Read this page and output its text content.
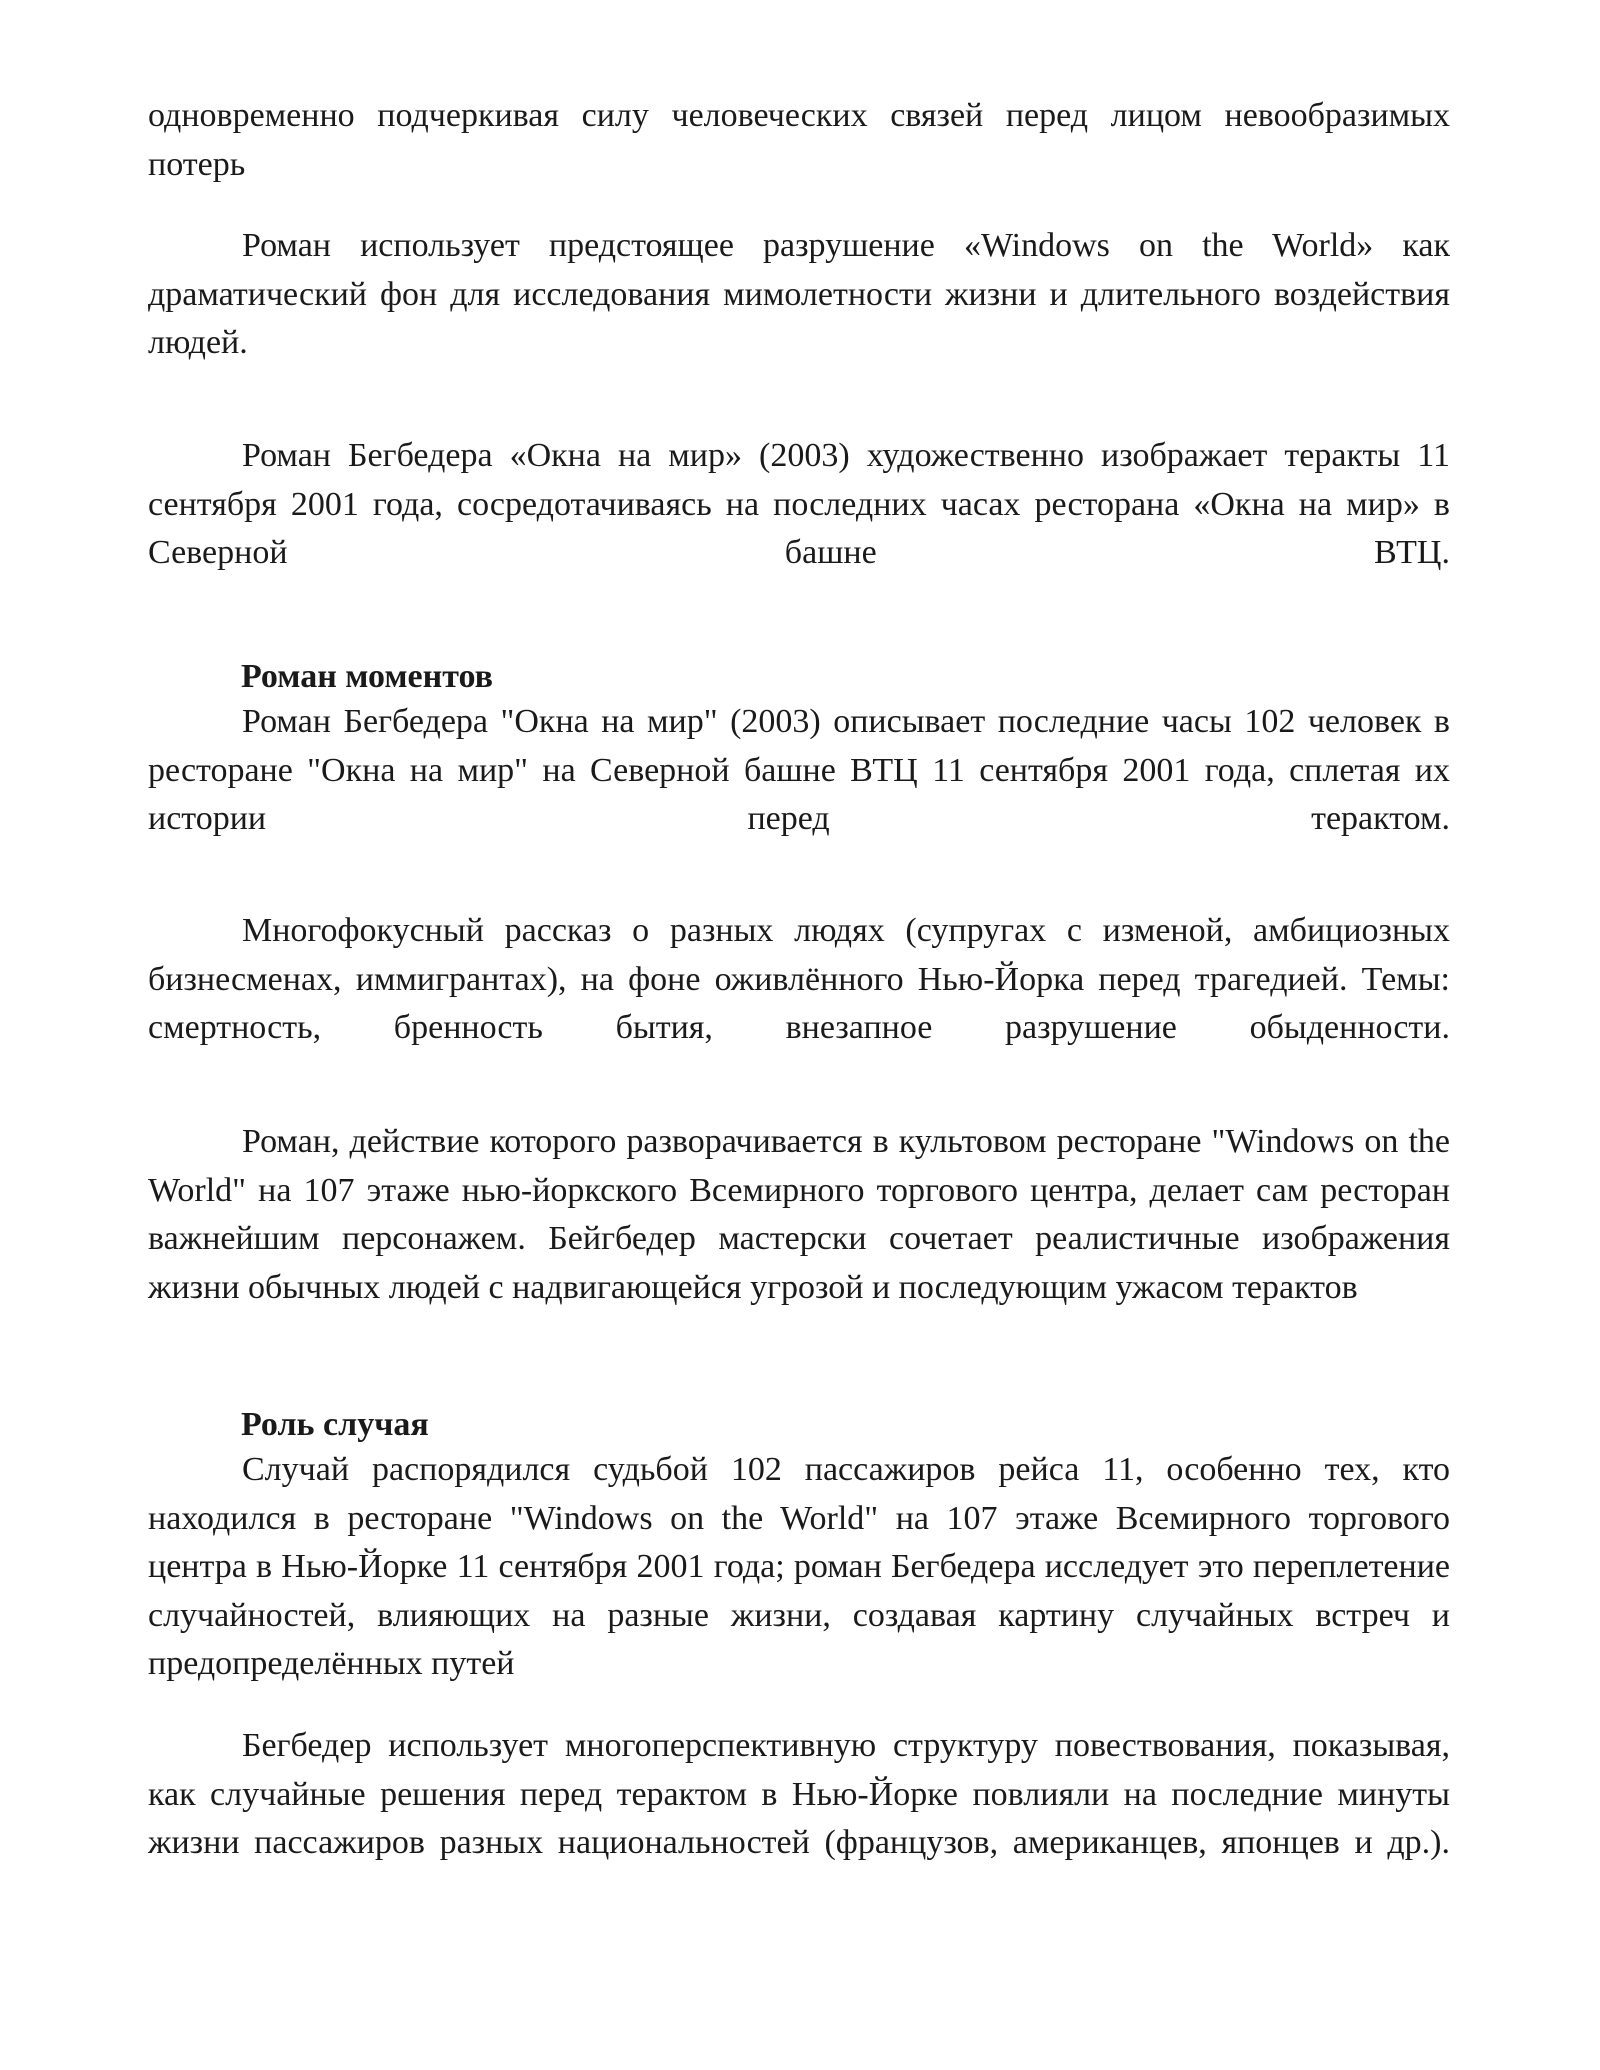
одновременно подчеркивая силу человеческих связей перед лицом невообразимых потерь

Роман использует предстоящее разрушение «Windows on the World» как драматический фон для исследования мимолетности жизни и длительного воздействия людей.

Роман Бегбедера «Окна на мир» (2003) художественно изображает теракты 11 сентября 2001 года, сосредотачиваясь на последних часах ресторана «Окна на мир» в Северной башне ВТЦ.

Роман моментов

Роман Бегбедера "Окна на мир" (2003) описывает последние часы 102 человек в ресторане "Окна на мир" на Северной башне ВТЦ 11 сентября 2001 года, сплетая их истории перед терактом.

Многофокусный рассказ о разных людях (супругах с изменой, амбициозных бизнесменах, иммигрантах), на фоне оживлённого Нью-Йорка перед трагедией. Темы: смертность, бренность бытия, внезапное разрушение обыденности.

Роман, действие которого разворачивается в культовом ресторане "Windows on the World" на 107 этаже нью-йоркского Всемирного торгового центра, делает сам ресторан важнейшим персонажем. Бейгбедер мастерски сочетает реалистичные изображения жизни обычных людей с надвигающейся угрозой и последующим ужасом терактов

Роль случая

Случай распорядился судьбой 102 пассажиров рейса 11, особенно тех, кто находился в ресторане "Windows on the World" на 107 этаже Всемирного торгового центра в Нью-Йорке 11 сентября 2001 года; роман Бегбедера исследует это переплетение случайностей, влияющих на разные жизни, создавая картину случайных встреч и предопределённых путей

Бегбедер использует многоперспективную структуру повествования, показывая, как случайные решения перед терактом в Нью-Йорке повлияли на последние минуты жизни пассажиров разных национальностей (французов, американцев, японцев и др.).
